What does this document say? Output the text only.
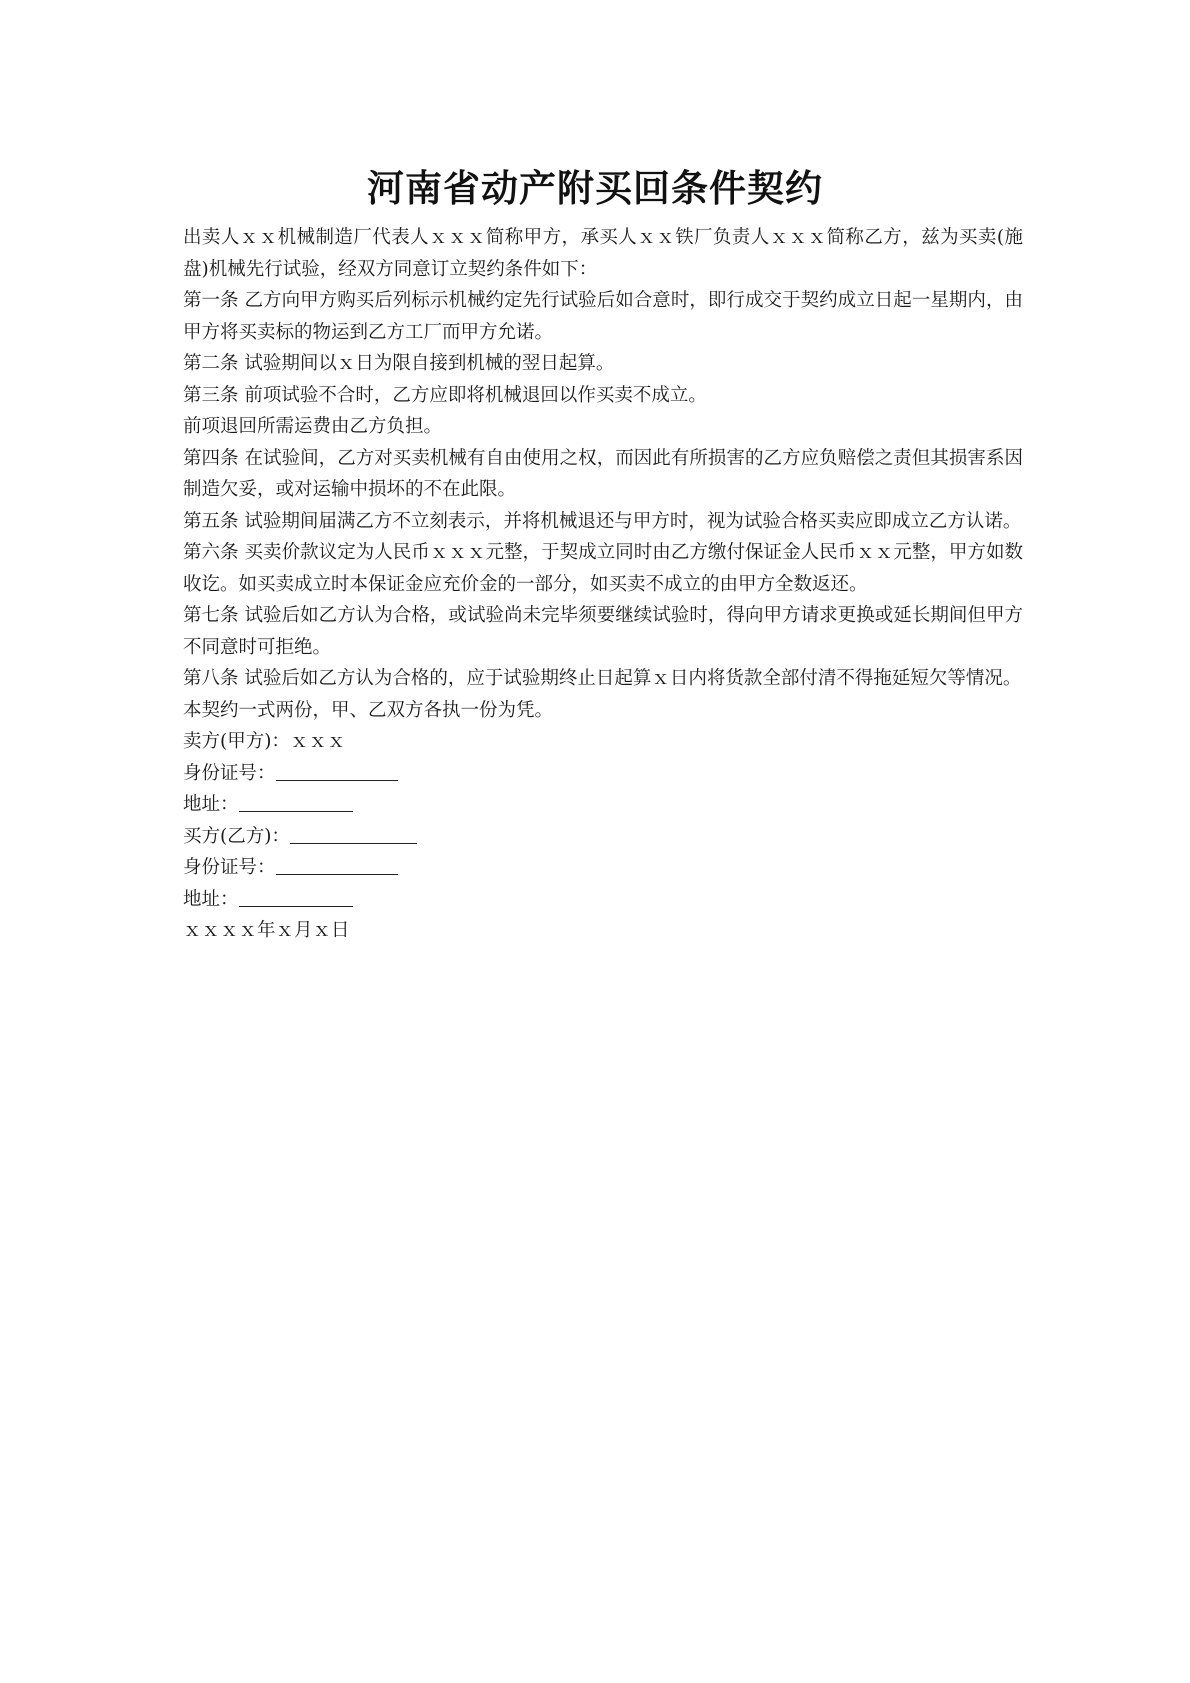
河南省动产附买回条件契约

出卖人ｘｘ机械制造厂代表人ｘｘｘ简称甲方，承买人ｘｘ铁厂负责人ｘｘｘ简称乙方，兹为买卖(施盘)机械先行试验，经双方同意订立契约条件如下：

第一条 乙方向甲方购买后列标示机械约定先行试验后如合意时，即行成交于契约成立日起一星期内，由甲方将买卖标的物运到乙方工厂而甲方允诺。

第二条 试验期间以ｘ日为限自接到机械的翌日起算。

第三条 前项试验不合时，乙方应即将机械退回以作买卖不成立。

前项退回所需运费由乙方负担。

第四条 在试验间，乙方对买卖机械有自由使用之权，而因此有所损害的乙方应负赔偿之责但其损害系因制造欠妥，或对运输中损坏的不在此限。

第五条 试验期间届满乙方不立刻表示，并将机械退还与甲方时，视为试验合格买卖应即成立乙方认诺。

第六条 买卖价款议定为人民币ｘｘｘ元整，于契成立同时由乙方缴付保证金人民币ｘｘ元整，甲方如数收讫。如买卖成立时本保证金应充价金的一部分，如买卖不成立的由甲方全数返还。

第七条 试验后如乙方认为合格，或试验尚未完毕须要继续试验时，得向甲方请求更换或延长期间但甲方不同意时可拒绝。

第八条 试验后如乙方认为合格的，应于试验期终止日起算ｘ日内将货款全部付清不得拖延短欠等情况。

本契约一式两份，甲、乙双方各执一份为凭。

卖方(甲方)：ｘｘｘ
身份证号：
地址：
买方(乙方)：
身份证号：
地址：
ｘｘｘｘ年ｘ月ｘ日
